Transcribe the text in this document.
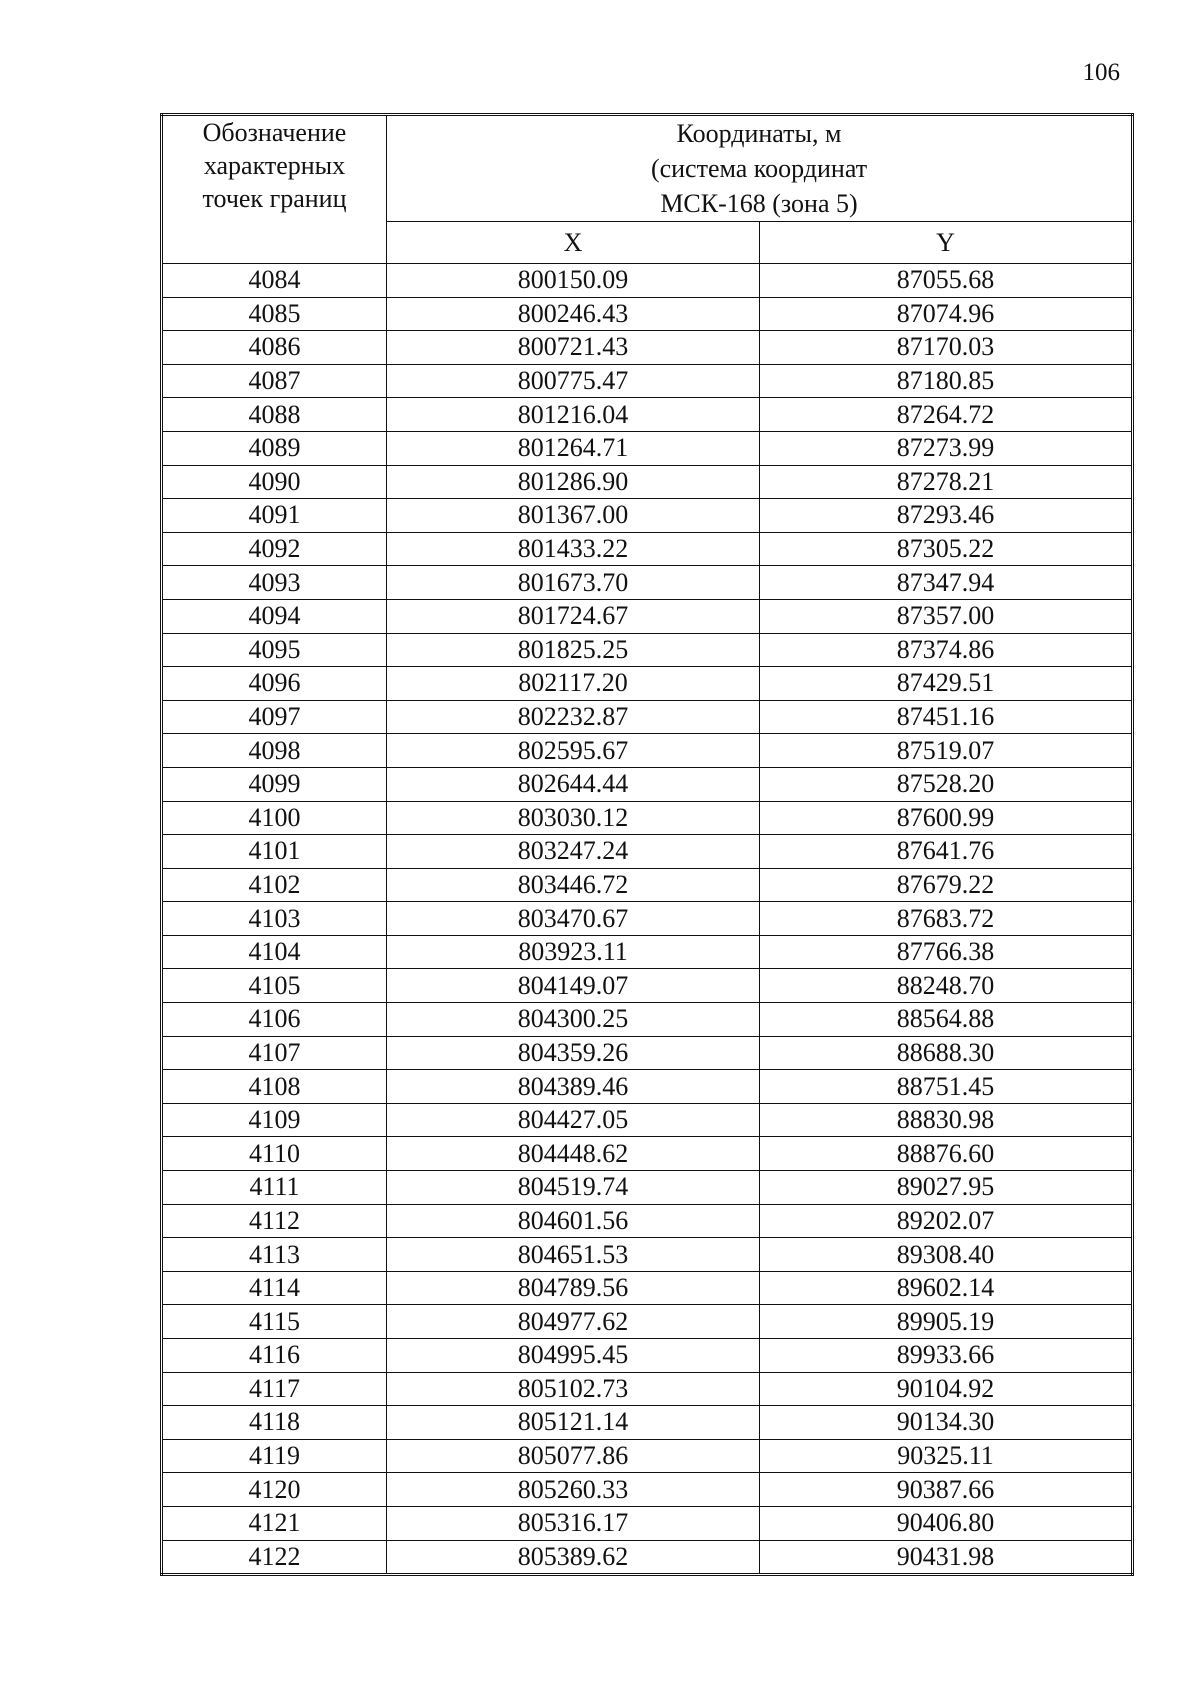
106
Обозначение
характерных
точек границ	Координаты, м
(система координат
МСК-168 (зона 5)	

	X	Y
4084	800150.09	87055.68
4085	800246.43	87074.96
4086	800721.43	87170.03
4087	800775.47	87180.85
4088	801216.04	87264.72
4089	801264.71	87273.99
4090	801286.90	87278.21
4091	801367.00	87293.46
4092	801433.22	87305.22
4093	801673.70	87347.94
4094	801724.67	87357.00
4095	801825.25	87374.86
4096	802117.20	87429.51
4097	802232.87	87451.16
4098	802595.67	87519.07
4099	802644.44	87528.20
4100	803030.12	87600.99
4101	803247.24	87641.76
4102	803446.72	87679.22
4103	803470.67	87683.72
4104	803923.11	87766.38
4105	804149.07	88248.70
4106	804300.25	88564.88
4107	804359.26	88688.30
4108	804389.46	88751.45
4109	804427.05	88830.98
4110	804448.62	88876.60
4111	804519.74	89027.95
4112	804601.56	89202.07
4113	804651.53	89308.40
4114	804789.56	89602.14
4115	804977.62	89905.19
4116	804995.45	89933.66
4117	805102.73	90104.92
4118	805121.14	90134.30
4119	805077.86	90325.11
4120	805260.33	90387.66
4121	805316.17	90406.80
4122	805389.62	90431.98
